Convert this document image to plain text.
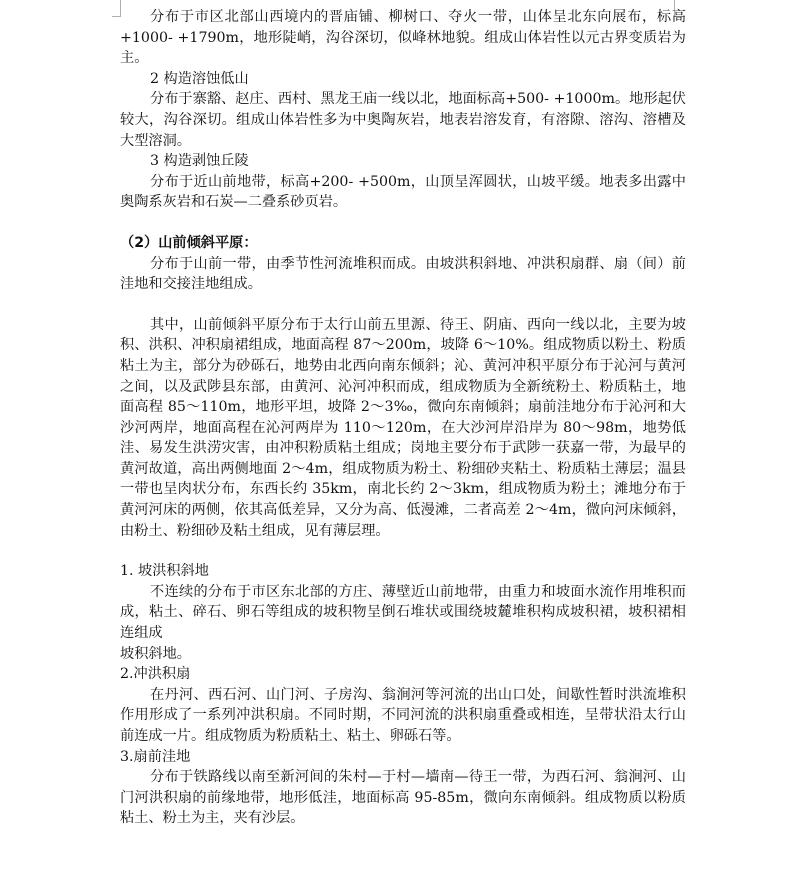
分布于市区北部山西境内的晋庙铺、柳树口、夺火一带，山体呈北东向展布，标高+1000- +1790m，地形陡峭，沟谷深切，似峰林地貌。组成山体岩性以元古界变质岩为主。

2 构造溶蚀低山

分布于寨豁、赵庄、西村、黑龙王庙一线以北，地面标高+500- +1000m。地形起伏较大，沟谷深切。组成山体岩性多为中奥陶灰岩，地表岩溶发育，有溶隙、溶沟、溶槽及大型溶洞。

3 构造剥蚀丘陵

分布于近山前地带，标高+200- +500m，山顶呈浑圆状，山坡平缓。地表多出露中奥陶系灰岩和石炭—二叠系砂页岩。

（2）山前倾斜平原：

分布于山前一带，由季节性河流堆积而成。由坡洪积斜地、冲洪积扇群、扇（间）前洼地和交接洼地组成。

其中，山前倾斜平原分布于太行山前五里源、待王、阴庙、西向一线以北，主要为坡积、洪积、冲积扇裙组成，地面高程 87～200m，坡降 6～10%。组成物质以粉土、粉质粘土为主，部分为砂砾石，地势由北西向南东倾斜；沁、黄河冲积平原分布于沁河与黄河之间，以及武陟县东部，由黄河、沁河冲积而成，组成物质为全新统粉土、粉质粘土，地面高程 85～110m，地形平坦，坡降 2～3‰，微向东南倾斜；扇前洼地分布于沁河和大沙河两岸，地面高程在沁河两岸为 110～120m，在大沙河岸沿岸为 80～98m，地势低洼、易发生洪涝灾害，由冲积粉质粘土组成；岗地主要分布于武陟一获嘉一带，为最早的黄河故道，高出两侧地面 2～4m，组成物质为粉土、粉细砂夹粘土、粉质粘土薄层；温县一带也呈肉状分布，东西长约 35km，南北长约 2～3km，组成物质为粉土；滩地分布于黄河河床的两侧，依其高低差异，又分为高、低漫滩，二者高差 2～4m，微向河床倾斜，由粉土、粉细砂及粘土组成，见有薄层理。

1. 坡洪积斜地

不连续的分布于市区东北部的方庄、薄壁近山前地带，由重力和坡面水流作用堆积而成，粘土、碎石、卵石等组成的坡积物呈倒石堆状或围绕坡麓堆积构成坡积裙，坡积裙相连组成

坡积斜地。

2.冲洪积扇

在丹河、西石河、山门河、子房沟、翁涧河等河流的出山口处，间歇性暂时洪流堆积作用形成了一系列冲洪积扇。不同时期，不同河流的洪积扇重叠或相连，呈带状沿太行山前连成一片。组成物质为粉质粘土、粘土、卵砾石等。

3.扇前洼地

分布于铁路线以南至新河间的朱村—于村—墙南—待王一带，为西石河、翁涧河、山门河洪积扇的前缘地带，地形低洼，地面标高 95-85m，微向东南倾斜。组成物质以粉质粘土、粉土为主，夹有沙层。
